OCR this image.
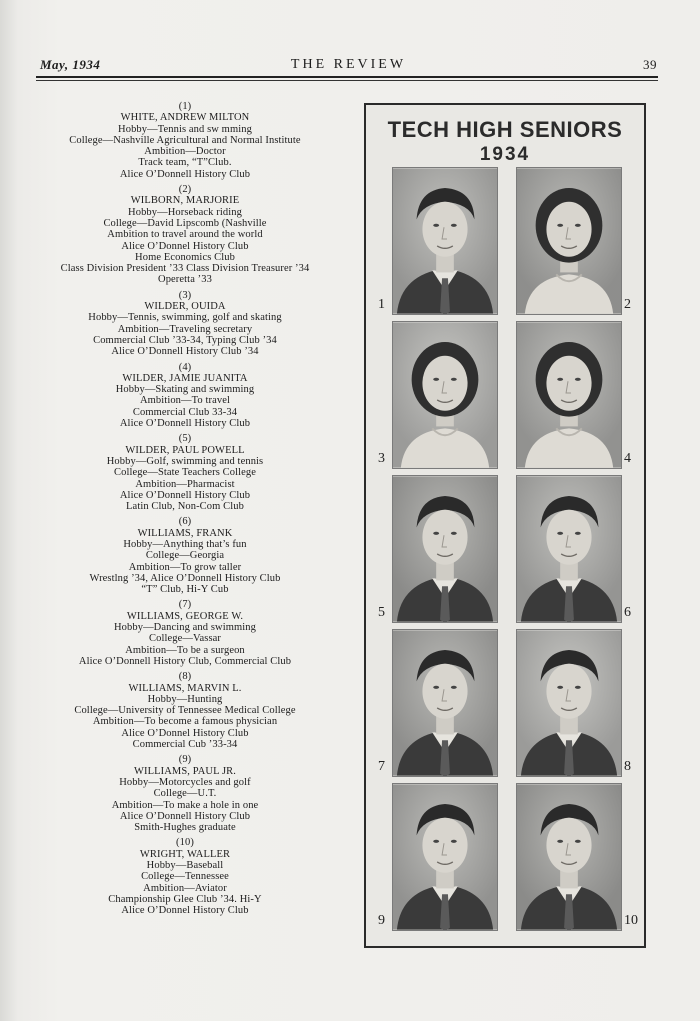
May, 1934	THE REVIEW	39
(1)
WHITE, ANDREW MILTON
Hobby—Tennis and sw mming
College—Nashville Agricultural and Normal Institute
Ambition—Doctor
Track team, “T”Club.
Alice O’Donnell History Club
(2)
WILBORN, MARJORIE
Hobby—Horseback riding
College—David Lipscomb (Nashville
Ambition to travel around the world
Alice O’Donnel History Club
Home Economics Club
Class Division President ’33 Class Division Treasurer ’34
Operetta ’33
(3)
WILDER, OUIDA
Hobby—Tennis, swimming, golf and skating
Ambition—Traveling secretary
Commercial Club ’33-34, Typing Club ’34
Alice O’Donnell History Club ’34
(4)
WILDER, JAMIE JUANITA
Hobby—Skating and swimming
Ambition—To travel
Commercial Club 33-34
Alice O’Donnell History Club
(5)
WILDER, PAUL POWELL
Hobby—Golf, swimming and tennis
College—State Teachers College
Ambition—Pharmacist
Alice O’Donnell History Club
Latin Club, Non-Com Club
(6)
WILLIAMS, FRANK
Hobby—Anything that’s fun
College—Georgia
Ambition—To grow taller
Wrestlng ’34, Alice O’Donnell History Club
“T” Club, Hi-Y Cub
(7)
WILLIAMS, GEORGE W.
Hobby—Dancing and swimming
College—Vassar
Ambition—To be a surgeon
Alice O’Donnell History Club, Commercial Club
(8)
WILLIAMS, MARVIN L.
Hobby—Hunting
College—University of Tennessee Medical College
Ambition—To become a famous physician
Alice O’Donnel History Club
Commercial Cub ’33-34
(9)
WILLIAMS, PAUL JR.
Hobby—Motorcycles and golf
College—U.T.
Ambition—To make a hole in one
Alice O’Donnell History Club
Smith-Hughes graduate
(10)
WRIGHT, WALLER
Hobby—Baseball
College—Tennessee
Ambition—Aviator
Championship Glee Club ’34. Hi-Y
Alice O’Donnel History Club
TECH HIGH SENIORS
1934
1	2
3	4
5	6
7	8
9	10
